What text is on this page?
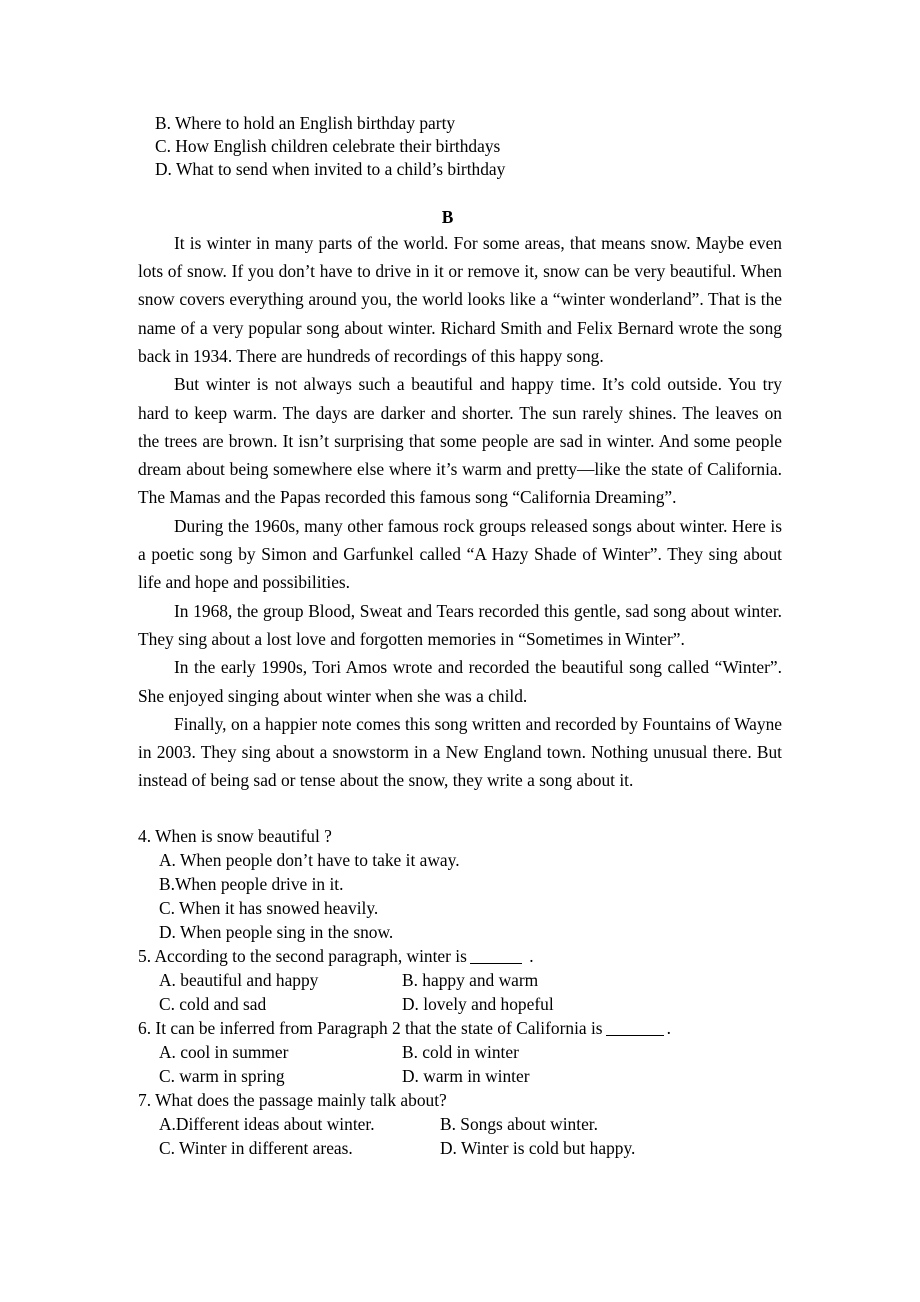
B. Where to hold an English birthday party
C. How English children celebrate their birthdays
D. What to send when invited to a child’s birthday
B

It is winter in many parts of the world. For some areas, that means snow. Maybe even lots of snow. If you don’t have to drive in it or remove it, snow can be very beautiful. When snow covers everything around you, the world looks like a “winter wonderland”. That is the name of a very popular song about winter. Richard Smith and Felix Bernard wrote the song back in 1934. There are hundreds of recordings of this happy song.

But winter is not always such a beautiful and happy time. It’s cold outside. You try hard to keep warm. The days are darker and shorter. The sun rarely shines. The leaves on the trees are brown. It isn’t surprising that some people are sad in winter. And some people dream about being somewhere else where it’s warm and pretty—like the state of California. The Mamas and the Papas recorded this famous song “California Dreaming”.

During the 1960s, many other famous rock groups released songs about winter. Here is a poetic song by Simon and Garfunkel called “A Hazy Shade of Winter”. They sing about life and hope and possibilities.

In 1968, the group Blood, Sweat and Tears recorded this gentle, sad song about winter. They sing about a lost love and forgotten memories in “Sometimes in Winter”.

In the early 1990s, Tori Amos wrote and recorded the beautiful song called “Winter”. She enjoyed singing about winter when she was a child.

Finally, on a happier note comes this song written and recorded by Fountains of Wayne in 2003. They sing about a snowstorm in a New England town. Nothing unusual there. But instead of being sad or tense about the snow, they write a song about it.

4. When is snow beautiful ?
A. When people don’t have to take it away.
B.When people drive in it.
C. When it has snowed heavily.
D. When people sing in the snow.
5. According to the second paragraph, winter is	.
A. beautiful and happy	B. happy and warm
C. cold and sad	D. lovely and hopeful
6. It can be inferred from Paragraph 2 that the state of California is	.
A. cool in summer	B. cold in winter
C. warm in spring	D. warm in winter
7. What does the passage mainly talk about?
A.Different ideas about winter.	B. Songs about winter.
C. Winter in different areas.	D. Winter is cold but happy.
